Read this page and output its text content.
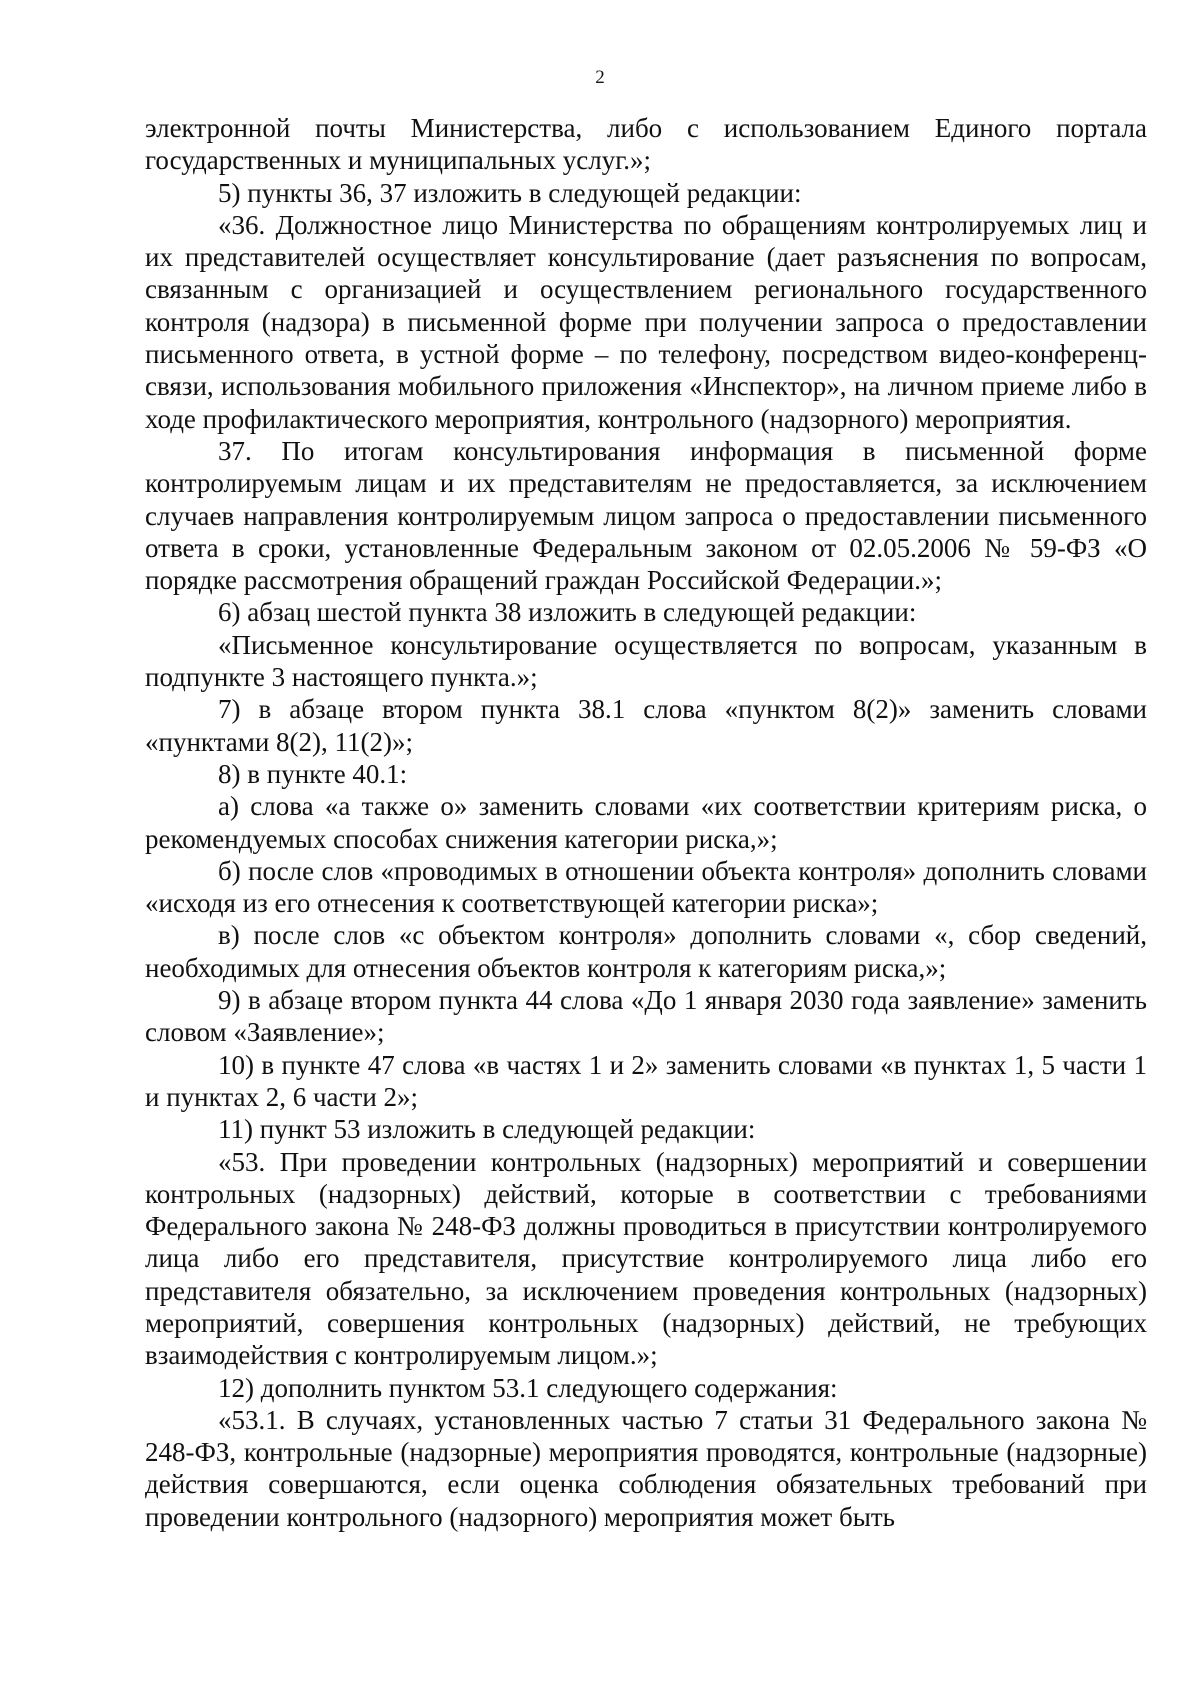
2

электронной почты Министерства, либо с использованием Единого портала государственных и муниципальных услуг.»;

5) пункты 36, 37 изложить в следующей редакции:

«36. Должностное лицо Министерства по обращениям контролируемых лиц и их представителей осуществляет консультирование (дает разъяснения по вопросам, связанным с организацией и осуществлением регионального государственного контроля (надзора) в письменной форме при получении запроса о предоставлении письменного ответа, в устной форме – по телефону, посредством видео-конференц-связи, использования мобильного приложения «Инспектор», на личном приеме либо в ходе профилактического мероприятия, контрольного (надзорного) мероприятия.

37. По итогам консультирования информация в письменной форме контролируемым лицам и их представителям не предоставляется, за исключением случаев направления контролируемым лицом запроса о предоставлении письменного ответа в сроки, установленные Федеральным законом от 02.05.2006 № 59-ФЗ «О порядке рассмотрения обращений граждан Российской Федерации.»;

6) абзац шестой пункта 38 изложить в следующей редакции:

«Письменное консультирование осуществляется по вопросам, указанным в подпункте 3 настоящего пункта.»;

7) в абзаце втором пункта 38.1 слова «пунктом 8(2)» заменить словами «пунктами 8(2), 11(2)»;

8) в пункте 40.1:

а) слова «а также о» заменить словами «их соответствии критериям риска, о рекомендуемых способах снижения категории риска,»;

б) после слов «проводимых в отношении объекта контроля» дополнить словами «исходя из его отнесения к соответствующей категории риска»;

в) после слов «с объектом контроля» дополнить словами «, сбор сведений, необходимых для отнесения объектов контроля к категориям риска,»;

9) в абзаце втором пункта 44 слова «До 1 января 2030 года заявление» заменить словом «Заявление»;

10) в пункте 47 слова «в частях 1 и 2» заменить словами «в пунктах 1, 5 части 1 и пунктах 2, 6 части 2»;

11) пункт 53 изложить в следующей редакции:

«53. При проведении контрольных (надзорных) мероприятий и совершении контрольных (надзорных) действий, которые в соответствии с требованиями Федерального закона № 248-ФЗ должны проводиться в присутствии контролируемого лица либо его представителя, присутствие контролируемого лица либо его представителя обязательно, за исключением проведения контрольных (надзорных) мероприятий, совершения контрольных (надзорных) действий, не требующих взаимодействия с контролируемым лицом.»;

12) дополнить пунктом 53.1 следующего содержания:

«53.1. В случаях, установленных частью 7 статьи 31 Федерального закона № 248-ФЗ, контрольные (надзорные) мероприятия проводятся, контрольные (надзорные) действия совершаются, если оценка соблюдения обязательных требований при проведении контрольного (надзорного) мероприятия может быть
